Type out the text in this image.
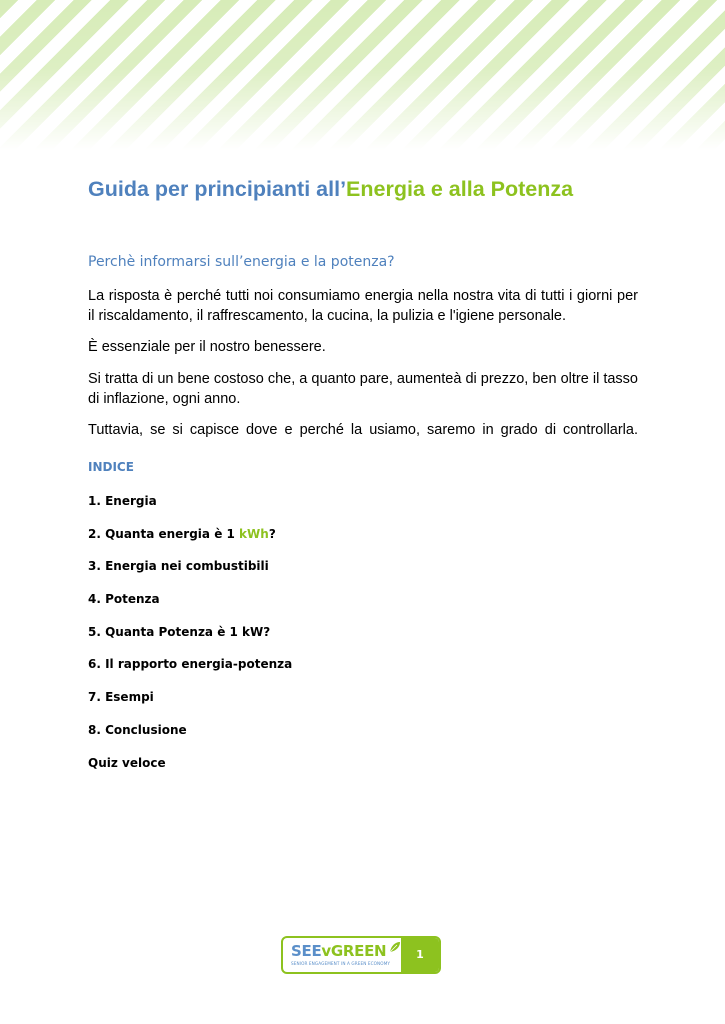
Guida per principianti all’Energia e alla Potenza
Perchè informarsi sull’energia e la potenza?

La risposta è perché tutti noi consumiamo energia nella nostra vita di tutti i giorni per il riscaldamento, il raffrescamento, la cucina, la pulizia e l'igiene personale.

È essenziale per il nostro benessere.

Si tratta di un bene costoso che, a quanto pare, aumenteà di prezzo, ben oltre il tasso di inflazione, ogni anno.

Tuttavia, se si capisce dove e perché la usiamo, saremo in grado di controllarla.

INDICE
1. Energia
2. Quanta energia è 1 kWh?
3. Energia nei combustibili
4. Potenza
5. Quanta Potenza è 1 kW?
6. Il rapporto energia-potenza
7. Esempi
8. Conclusione
Quiz veloce
SEEvGREEN
SENIOR ENGAGEMENT IN A GREEN ECONOMY
1
